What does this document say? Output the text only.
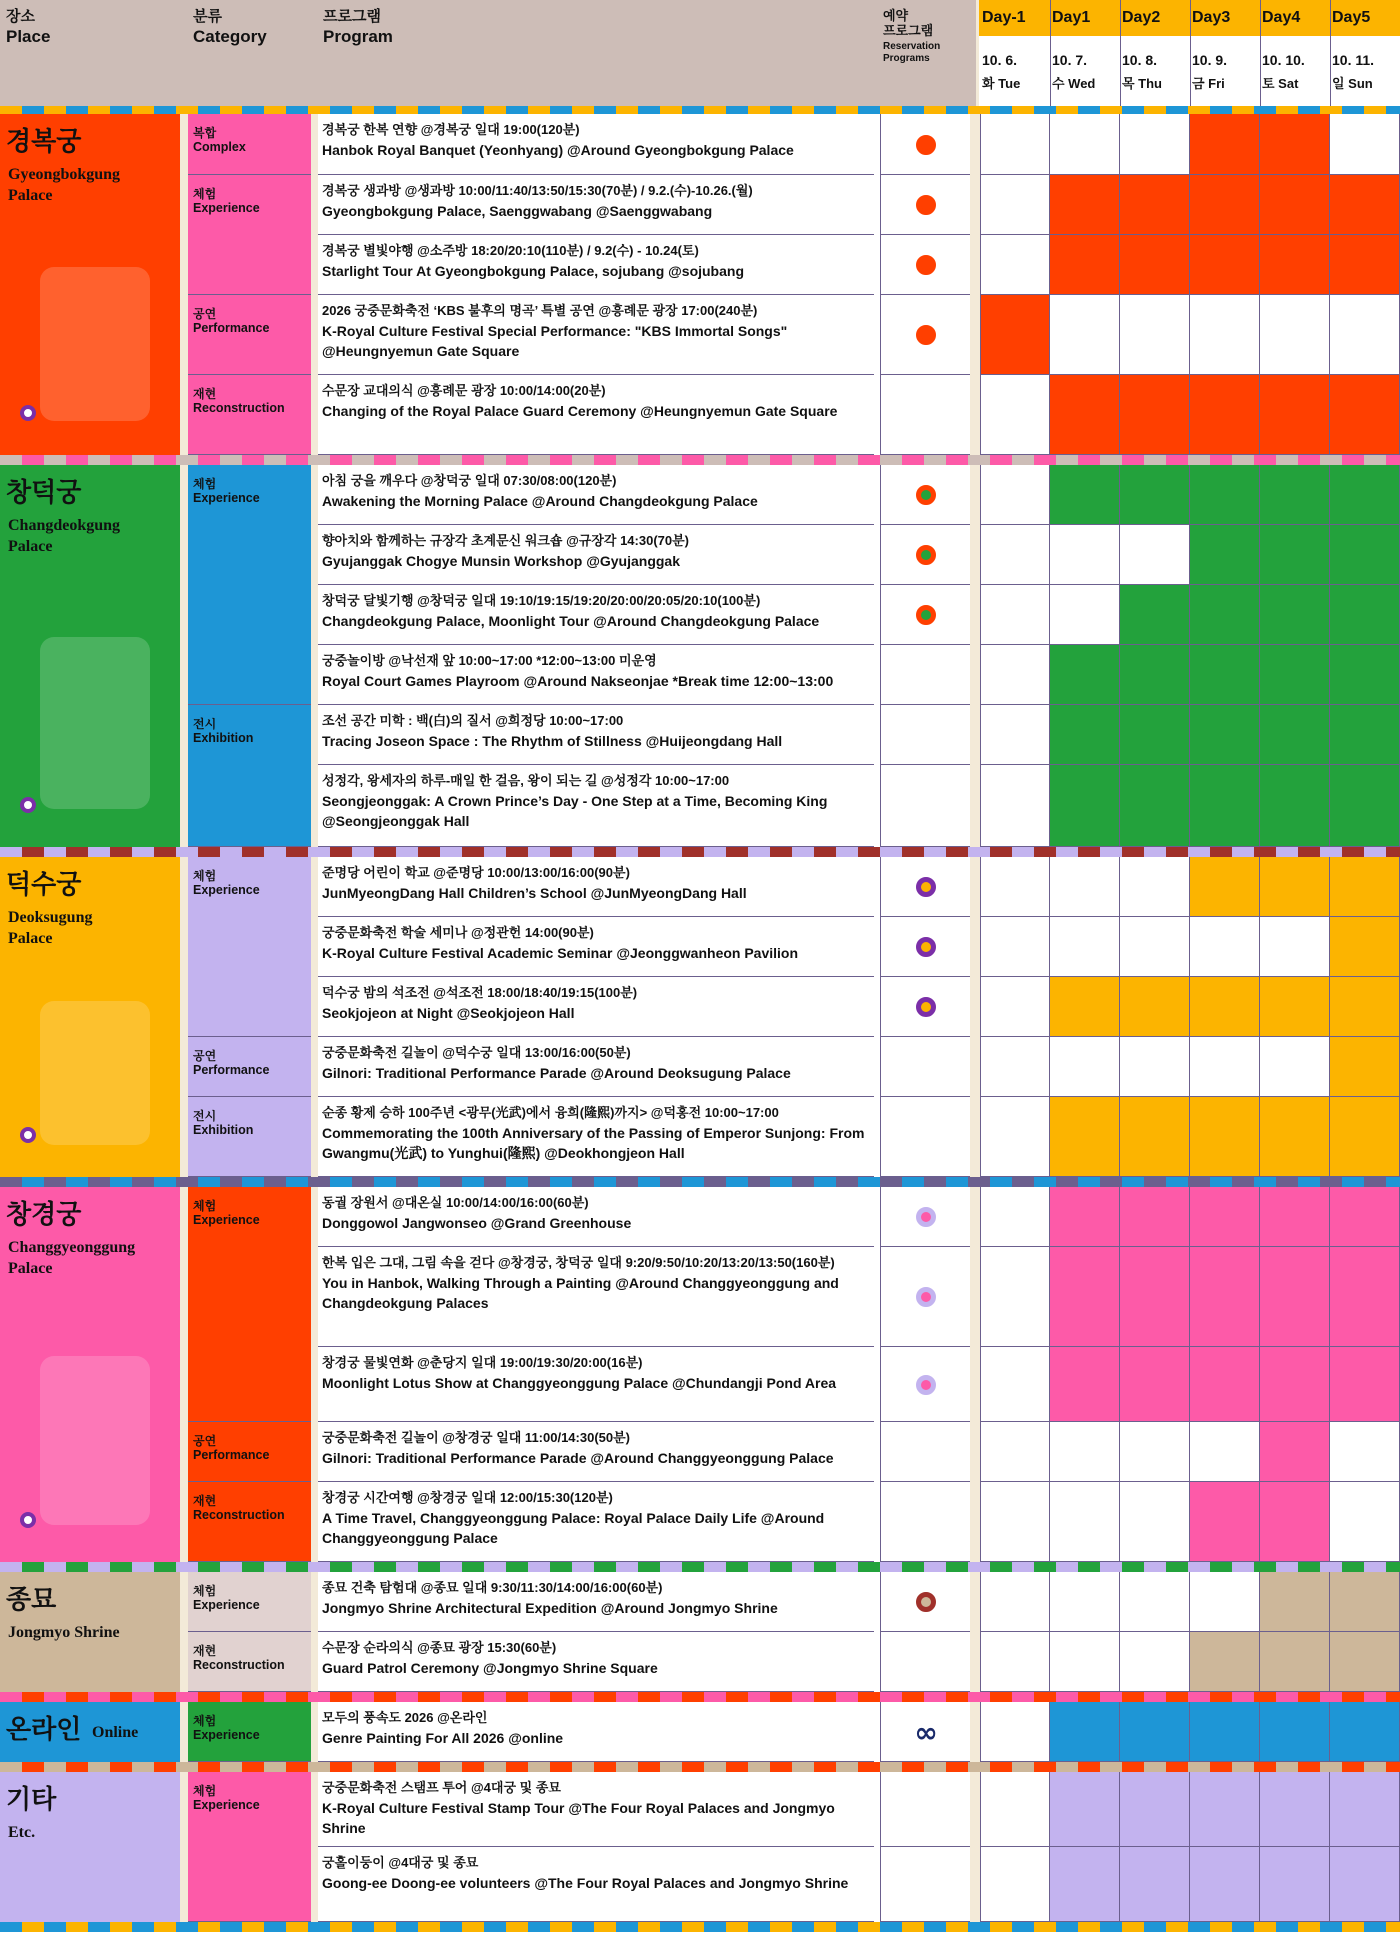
장소
Place
분류
Category
프로그램
Program
예약
프로그램
Reservation
Programs
Day-1
10. 6.
화 Tue
Day1
10. 7.
수 Wed
Day2
10. 8.
목 Thu
Day3
10. 9.
금 Fri
Day4
10. 10.
토 Sat
Day5
10. 11.
일 Sun
경복궁
Gyeongbokgung
Palace
복합
Complex
체험
Experience
공연
Performance
재현
Reconstruction
경복궁 한복 연향 @경복궁 일대 19:00(120분)
Hanbok Royal Banquet (Yeonhyang) @Around Gyeongbokgung Palace
경복궁 생과방 @생과방 10:00/11:40/13:50/15:30(70분) / 9.2.(수)-10.26.(월)
Gyeongbokgung Palace, Saenggwabang @Saenggwabang
경복궁 별빛야행 @소주방 18:20/20:10(110분) / 9.2(수) - 10.24(토)
Starlight Tour At Gyeongbokgung Palace, sojubang @sojubang
2026 궁중문화축전 ‘KBS 불후의 명곡’ 특별 공연 @흥례문 광장 17:00(240분)
K-Royal Culture Festival Special Performance: "KBS Immortal Songs" @Heungnyemun Gate Square
수문장 교대의식 @흥례문 광장 10:00/14:00(20분)
Changing of the Royal Palace Guard Ceremony @Heungnyemun Gate Square
창덕궁
Changdeokgung
Palace
체험
Experience
전시
Exhibition
아침 궁을 깨우다 @창덕궁 일대 07:30/08:00(120분)
Awakening the Morning Palace @Around Changdeokgung Palace
향아치와 함께하는 규장각 초계문신 워크숍 @규장각 14:30(70분)
Gyujanggak Chogye Munsin Workshop @Gyujanggak
창덕궁 달빛기행 @창덕궁 일대 19:10/19:15/19:20/20:00/20:05/20:10(100분)
Changdeokgung Palace, Moonlight Tour @Around Changdeokgung Palace
궁중놀이방 @낙선재 앞 10:00~17:00 *12:00~13:00 미운영
Royal Court Games Playroom @Around Nakseonjae *Break time 12:00~13:00
조선 공간 미학 : 백(白)의 질서 @희정당 10:00~17:00
Tracing Joseon Space : The Rhythm of Stillness @Huijeongdang Hall
성정각, 왕세자의 하루-매일 한 걸음, 왕이 되는 길 @성정각 10:00~17:00
Seongjeonggak: A Crown Prince’s Day - One Step at a Time, Becoming King @Seongjeonggak Hall
덕수궁
Deoksugung
Palace
체험
Experience
공연
Performance
전시
Exhibition
준명당 어린이 학교 @준명당 10:00/13:00/16:00(90분)
JunMyeongDang Hall Children’s School @JunMyeongDang Hall
궁중문화축전 학술 세미나 @정관헌 14:00(90분)
K-Royal Culture Festival Academic Seminar @Jeonggwanheon Pavilion
덕수궁 밤의 석조전 @석조전 18:00/18:40/19:15(100분)
Seokjojeon at Night @Seokjojeon Hall
궁중문화축전 길놀이 @덕수궁 일대 13:00/16:00(50분)
Gilnori: Traditional Performance Parade @Around Deoksugung Palace
순종 황제 승하 100주년 <광무(光武)에서 융희(隆熙)까지> @덕홍전 10:00~17:00
Commemorating the 100th Anniversary of the Passing of Emperor Sunjong: From Gwangmu(光武) to Yunghui(隆熙) @Deokhongjeon Hall
창경궁
Changgyeonggung
Palace
체험
Experience
공연
Performance
재현
Reconstruction
동궐 장원서 @대온실 10:00/14:00/16:00(60분)
Donggowol Jangwonseo @Grand Greenhouse
한복 입은 그대, 그림 속을 걷다 @창경궁, 창덕궁 일대 9:20/9:50/10:20/13:20/13:50(160분)
You in Hanbok, Walking Through a Painting @Around Changgyeonggung and Changdeokgung Palaces
창경궁 물빛연화 @춘당지 일대 19:00/19:30/20:00(16분)
Moonlight Lotus Show at Changgyeonggung Palace @Chundangji Pond Area
궁중문화축전 길놀이 @창경궁 일대 11:00/14:30(50분)
Gilnori: Traditional Performance Parade @Around Changgyeonggung Palace
창경궁 시간여행 @창경궁 일대 12:00/15:30(120분)
A Time Travel, Changgyeonggung Palace: Royal Palace Daily Life @Around Changgyeonggung Palace
종묘
Jongmyo Shrine
체험
Experience
재현
Reconstruction
종묘 건축 탐험대 @종묘 일대 9:30/11:30/14:00/16:00(60분)
Jongmyo Shrine Architectural Expedition @Around Jongmyo Shrine
수문장 순라의식 @종묘 광장 15:30(60분)
Guard Patrol Ceremony @Jongmyo Shrine Square
온라인 Online
체험
Experience
모두의 풍속도 2026 @온라인
Genre Painting For All 2026 @online	∞
기타
Etc.
체험
Experience
궁중문화축전 스탬프 투어 @4대궁 및 종묘
K-Royal Culture Festival Stamp Tour @The Four Royal Palaces and Jongmyo Shrine
궁홀이둥이 @4대궁 및 종묘
Goong-ee Doong-ee volunteers @The Four Royal Palaces and Jongmyo Shrine
